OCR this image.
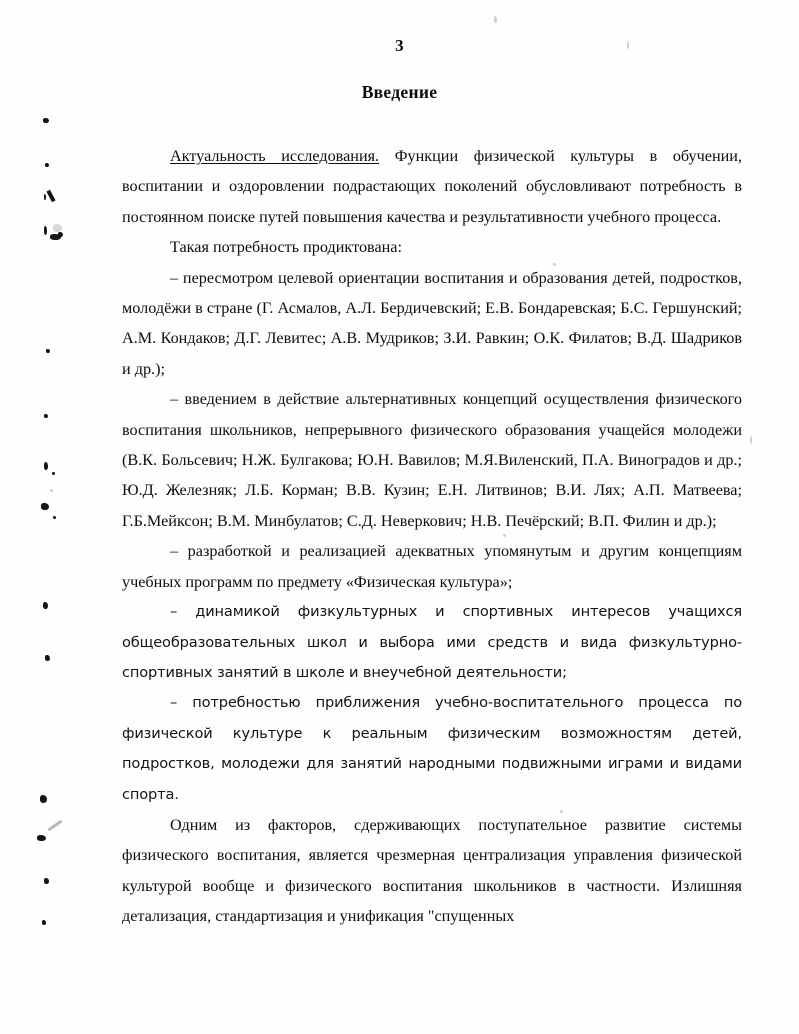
3
Введение

Актуальность исследования. Функции физической культуры в обучении, воспитании и оздоровлении подрастающих поколений обусловливают потребность в постоянном поиске путей повышения качества и результативности учебного процесса.

Такая потребность продиктована:

– пересмотром целевой ориентации воспитания и образования детей, подростков, молодёжи в стране (Г. Асмалов, А.Л. Бердичевский; Е.В. Бондаревская; Б.С. Гершунский; А.М. Кондаков; Д.Г. Левитес; А.В. Мудриков; З.И. Равкин; О.К. Филатов; В.Д. Шадриков и др.);

– введением в действие альтернативных концепций осуществления физического воспитания школьников, непрерывного физического образования учащейся молодежи (В.К. Больсевич; Н.Ж. Булгакова; Ю.Н. Вавилов; М.Я.Виленский, П.А. Виноградов и др.; Ю.Д. Железняк; Л.Б. Корман; В.В. Кузин; Е.Н. Литвинов; В.И. Лях; А.П. Матвеева; Г.Б.Мейксон; В.М. Минбулатов; С.Д. Неверкович; Н.В. Печёрский; В.П. Филин и др.);

– разработкой и реализацией адекватных упомянутым и другим концепциям учебных программ по предмету «Физическая культура»;

– динамикой физкультурных и спортивных интересов учащихся общеобразовательных школ и выбора ими средств и вида физкультурно-спортивных занятий в школе и внеучебной деятельности;

– потребностью приближения учебно-воспитательного процесса по физической культуре к реальным физическим возможностям детей, подростков, молодежи для занятий народными подвижными играми и видами спорта.

Одним из факторов, сдерживающих поступательное развитие системы физического воспитания, является чрезмерная централизация управления физической культурой вообще и физического воспитания школьников в частности. Излишняя детализация, стандартизация и унификация "спущенных
